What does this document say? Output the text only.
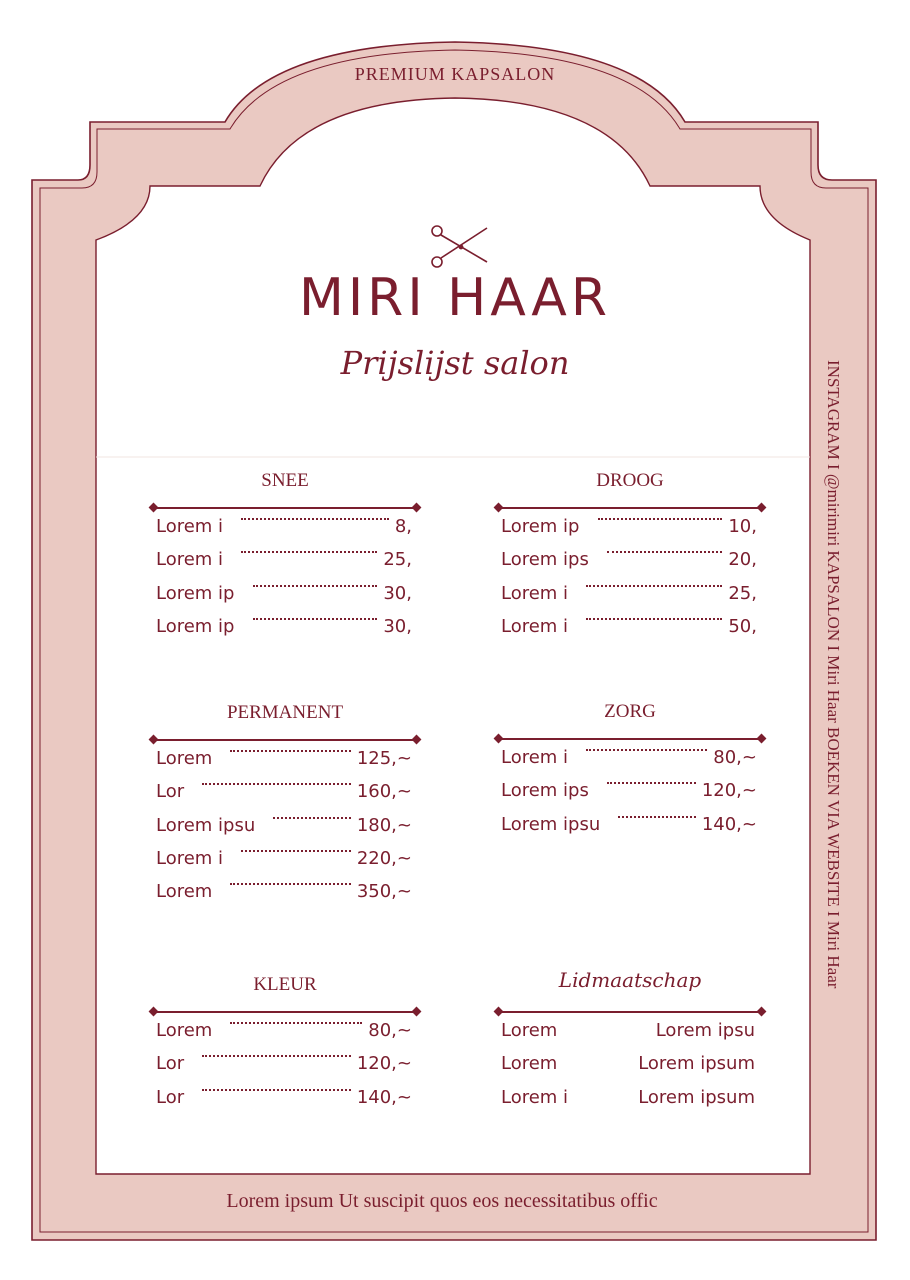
PREMIUM KAPSALON
MIRI HAAR
Prijslijst salon	INSTAGRAM I @mirimiri KAPSALON I Miri Haar BOEKEN VIA WEBSITE I Miri Haar
Lorem ipsum Ut suscipit quos eos necessitatibus offic
SNEE
Lorem i	8,
Lorem i	25,
Lorem ip	30,
Lorem ip	30,
DROOG
Lorem ip	10,
Lorem ips	20,
Lorem i	25,
Lorem i	50,
PERMANENT
Lorem	125,~
Lor	160,~
Lorem ipsu	180,~
Lorem i	220,~
Lorem	350,~
ZORG
Lorem i	80,~
Lorem ips	120,~
Lorem ipsu	140,~
KLEUR
Lorem	80,~
Lor	120,~
Lor	140,~
Lidmaatschap
Lorem	Lorem ipsu
Lorem	Lorem ipsum
Lorem i	Lorem ipsum
